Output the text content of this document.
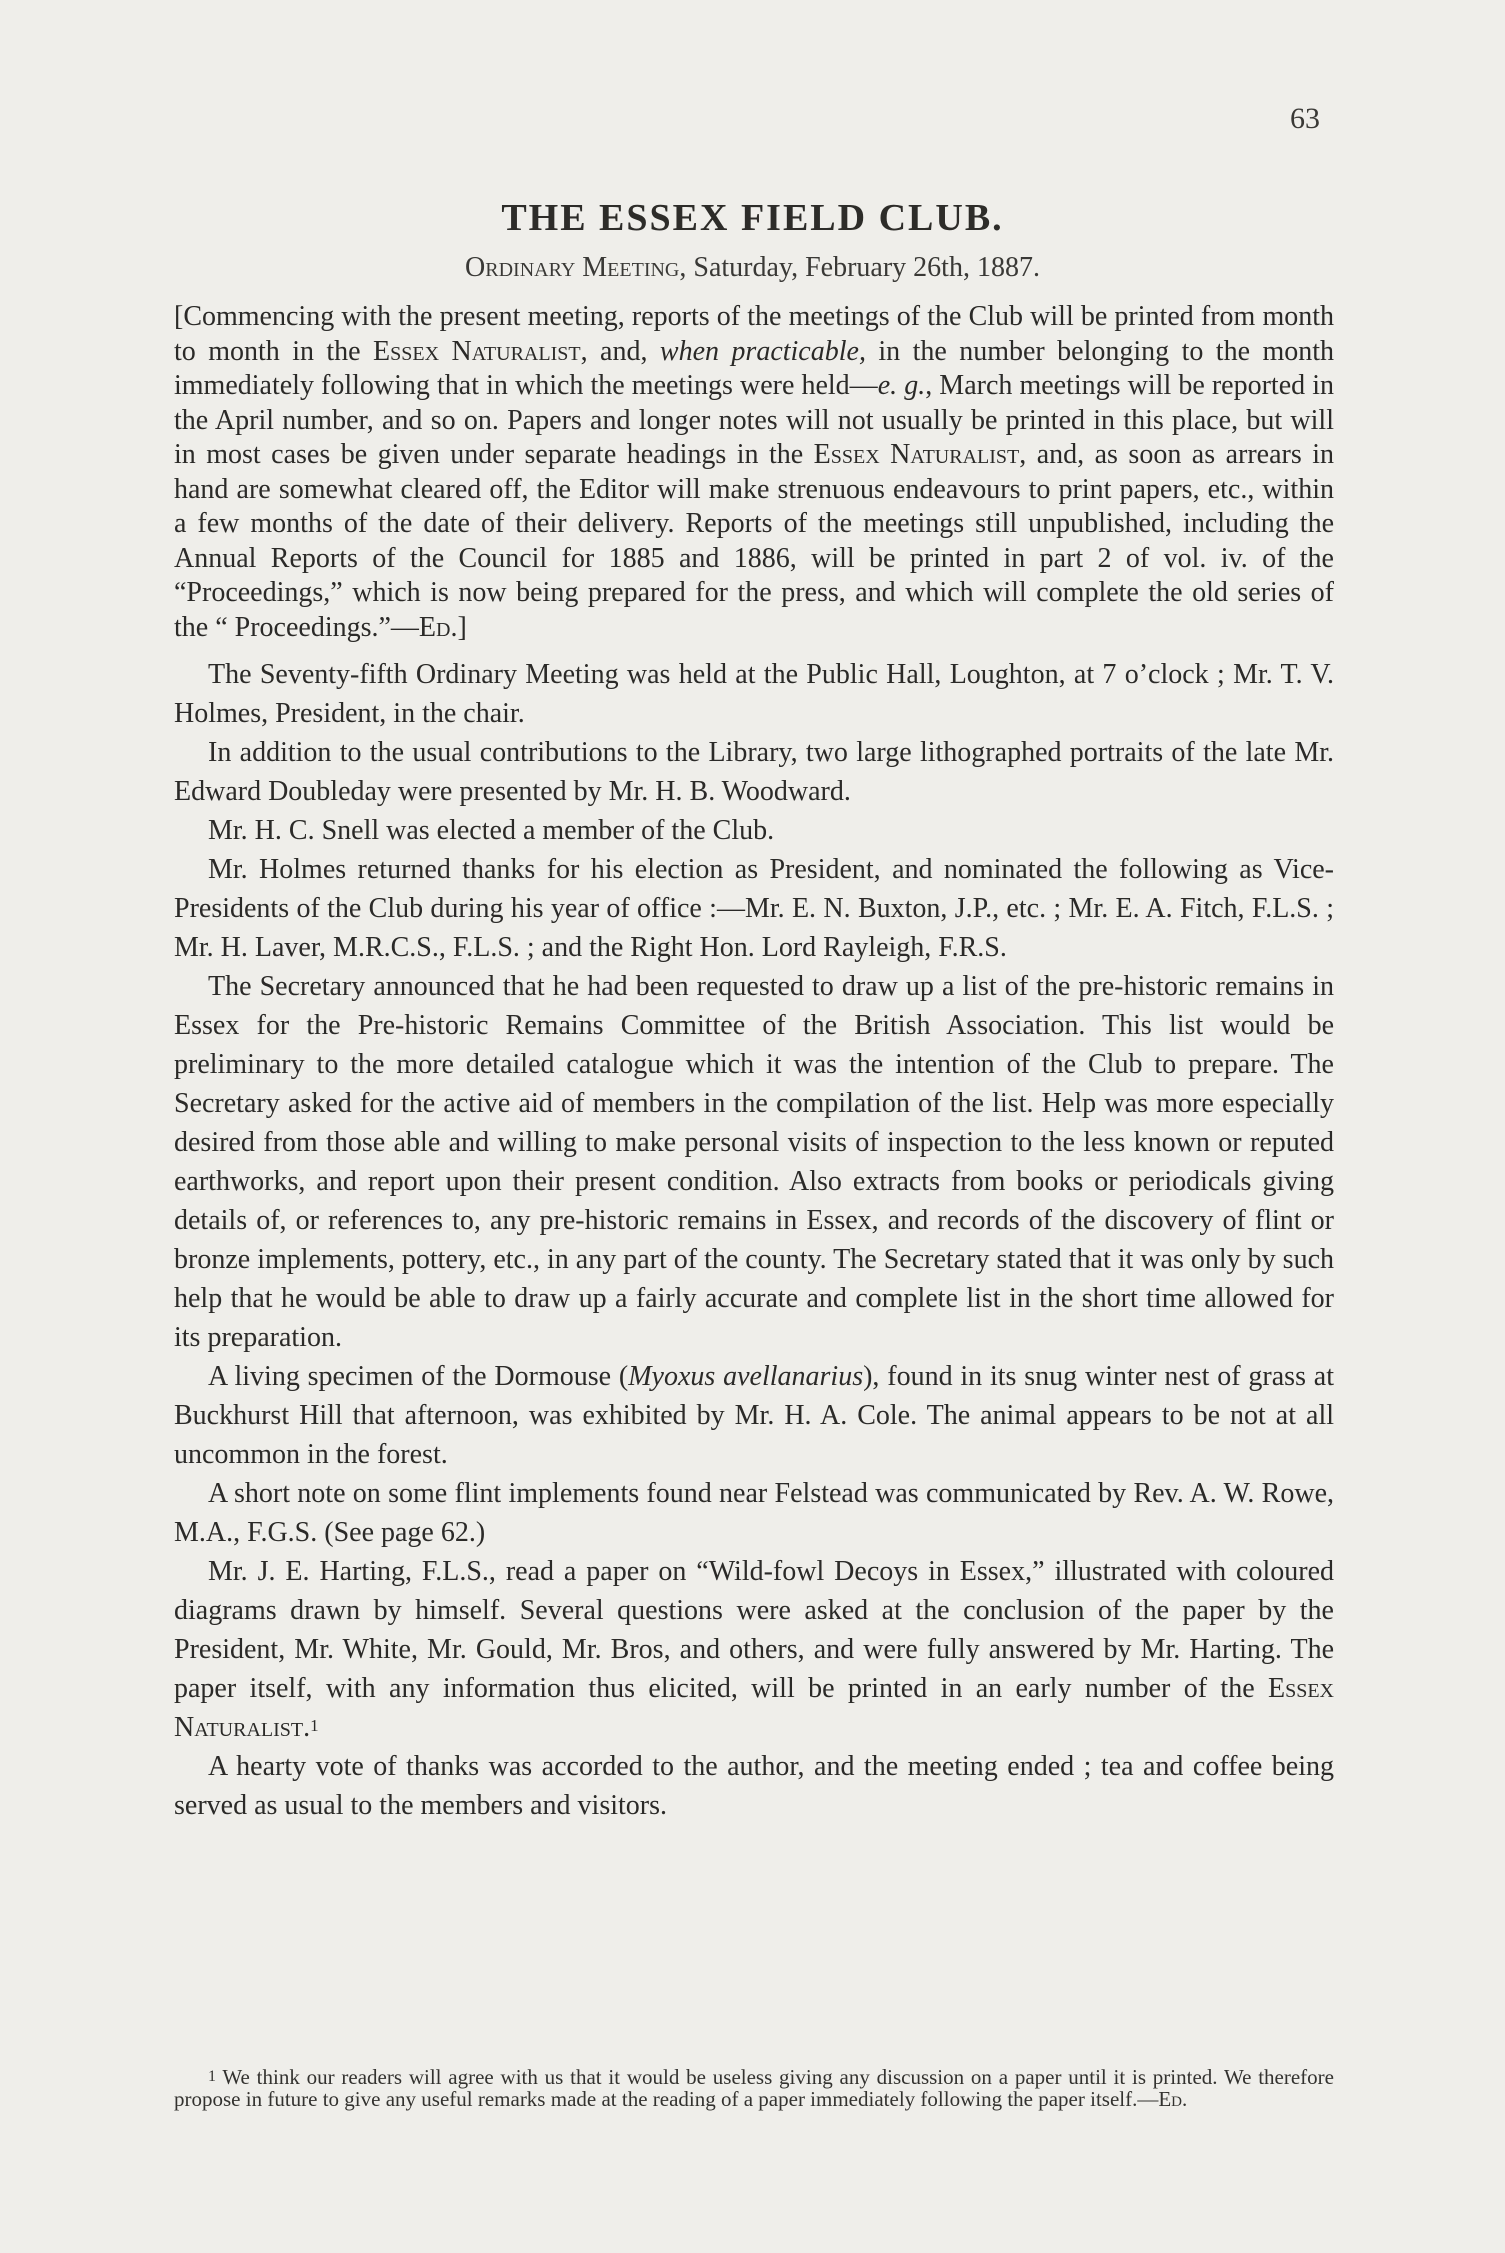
63
THE ESSEX FIELD CLUB.
Ordinary Meeting, Saturday, February 26th, 1887.

[Commencing with the present meeting, reports of the meetings of the Club will be printed from month to month in the Essex Naturalist, and, when practicable, in the number belonging to the month immediately following that in which the meetings were held—e. g., March meetings will be reported in the April number, and so on. Papers and longer notes will not usually be printed in this place, but will in most cases be given under separate headings in the Essex Naturalist, and, as soon as arrears in hand are somewhat cleared off, the Editor will make strenuous endeavours to print papers, etc., within a few months of the date of their delivery. Reports of the meetings still unpublished, including the Annual Reports of the Council for 1885 and 1886, will be printed in part 2 of vol. iv. of the “Proceedings,” which is now being prepared for the press, and which will complete the old series of the “ Proceedings.”—Ed.]

The Seventy-fifth Ordinary Meeting was held at the Public Hall, Loughton, at 7 o’clock ; Mr. T. V. Holmes, President, in the chair.

In addition to the usual contributions to the Library, two large lithographed portraits of the late Mr. Edward Doubleday were presented by Mr. H. B. Woodward.

Mr. H. C. Snell was elected a member of the Club.

Mr. Holmes returned thanks for his election as President, and nominated the following as Vice-Presidents of the Club during his year of office :—Mr. E. N. Buxton, J.P., etc. ; Mr. E. A. Fitch, F.L.S. ; Mr. H. Laver, M.R.C.S., F.L.S. ; and the Right Hon. Lord Rayleigh, F.R.S.

The Secretary announced that he had been requested to draw up a list of the pre-historic remains in Essex for the Pre-historic Remains Committee of the British Association. This list would be preliminary to the more detailed catalogue which it was the intention of the Club to prepare. The Secretary asked for the active aid of members in the compilation of the list. Help was more especially desired from those able and willing to make personal visits of inspection to the less known or reputed earthworks, and report upon their present condition. Also extracts from books or periodicals giving details of, or references to, any pre-historic remains in Essex, and records of the discovery of flint or bronze implements, pottery, etc., in any part of the county. The Secretary stated that it was only by such help that he would be able to draw up a fairly accurate and complete list in the short time allowed for its preparation.

A living specimen of the Dormouse (Myoxus avellanarius), found in its snug winter nest of grass at Buckhurst Hill that afternoon, was exhibited by Mr. H. A. Cole. The animal appears to be not at all uncommon in the forest.

A short note on some flint implements found near Felstead was communicated by Rev. A. W. Rowe, M.A., F.G.S. (See page 62.)

Mr. J. E. Harting, F.L.S., read a paper on “Wild-fowl Decoys in Essex,” illustrated with coloured diagrams drawn by himself. Several questions were asked at the conclusion of the paper by the President, Mr. White, Mr. Gould, Mr. Bros, and others, and were fully answered by Mr. Harting. The paper itself, with any information thus elicited, will be printed in an early number of the Essex Naturalist.$^1$

A hearty vote of thanks was accorded to the author, and the meeting ended ; tea and coffee being served as usual to the members and visitors.

$^1$ We think our readers will agree with us that it would be useless giving any discussion on a paper until it is printed. We therefore propose in future to give any useful remarks made at the reading of a paper immediately following the paper itself.—Ed.
